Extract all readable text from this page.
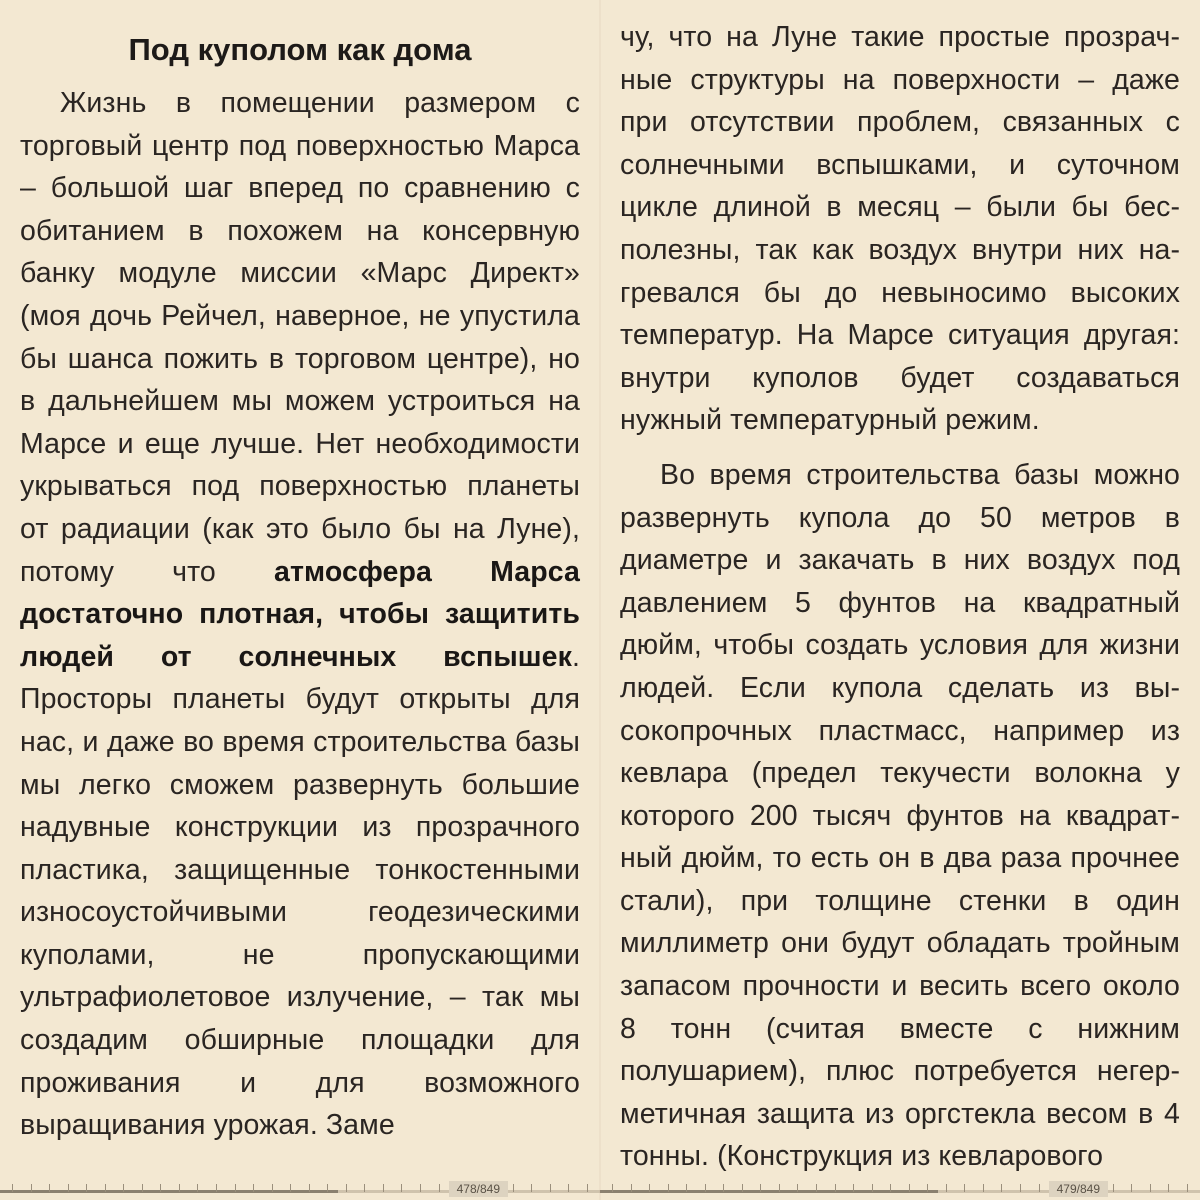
Под куполом как дома

Жизнь в помещении размером с торговый центр под поверхностью Марса – большой шаг вперед по сравнению с обитанием в похожем на консервную банку модуле миссии «Марс Директ» (моя дочь Рейчел, наверное, не упустила бы шанса пожить в торговом центре), но в дальнейшем мы можем устроиться на Марсе и еще лучше. Нет необходимости укрываться под поверхностью планеты от радиации (как это было бы на Луне), потому что атмосфера Марса достаточно плотная, чтобы защитить людей от солнечных вспышек. Просторы планеты будут открыты для нас, и даже во время строительства базы мы легко сможем развернуть большие надувные конструкции из прозрачного пластика, защищенные тонкостенными износоустойчивыми геодезическими куполами, не пропускающими ультрафиолетовое излучение, – так мы создадим обширные площадки для проживания и для возможного выращивания урожая. Заме

478/849

чу, что на Луне такие простые прозрачные структуры на поверхности – даже при отсутствии проблем, связанных с солнечными вспышками, и суточном цикле длиной в месяц – были бы бесполезны, так как воздух внутри них нагревался бы до невыносимо высоких температур. На Марсе ситуация другая: внутри куполов будет создаваться нужный температурный режим.

Во время строительства базы можно развернуть купола до 50 метров в диаметре и закачать в них воздух под давлением 5 фунтов на квадратный дюйм, чтобы создать условия для жизни людей. Если купола сделать из высокопрочных пластмасс, например из кевлара (предел текучести волокна у которого 200 тысяч фунтов на квадратный дюйм, то есть он в два раза прочнее стали), при толщине стенки в один миллиметр они будут обладать тройным запасом прочности и весить всего около 8 тонн (считая вместе с нижним полушарием), плюс потребуется негерметичная защита из оргстекла весом в 4 тонны. (Конструкция из кевларового

479/849
